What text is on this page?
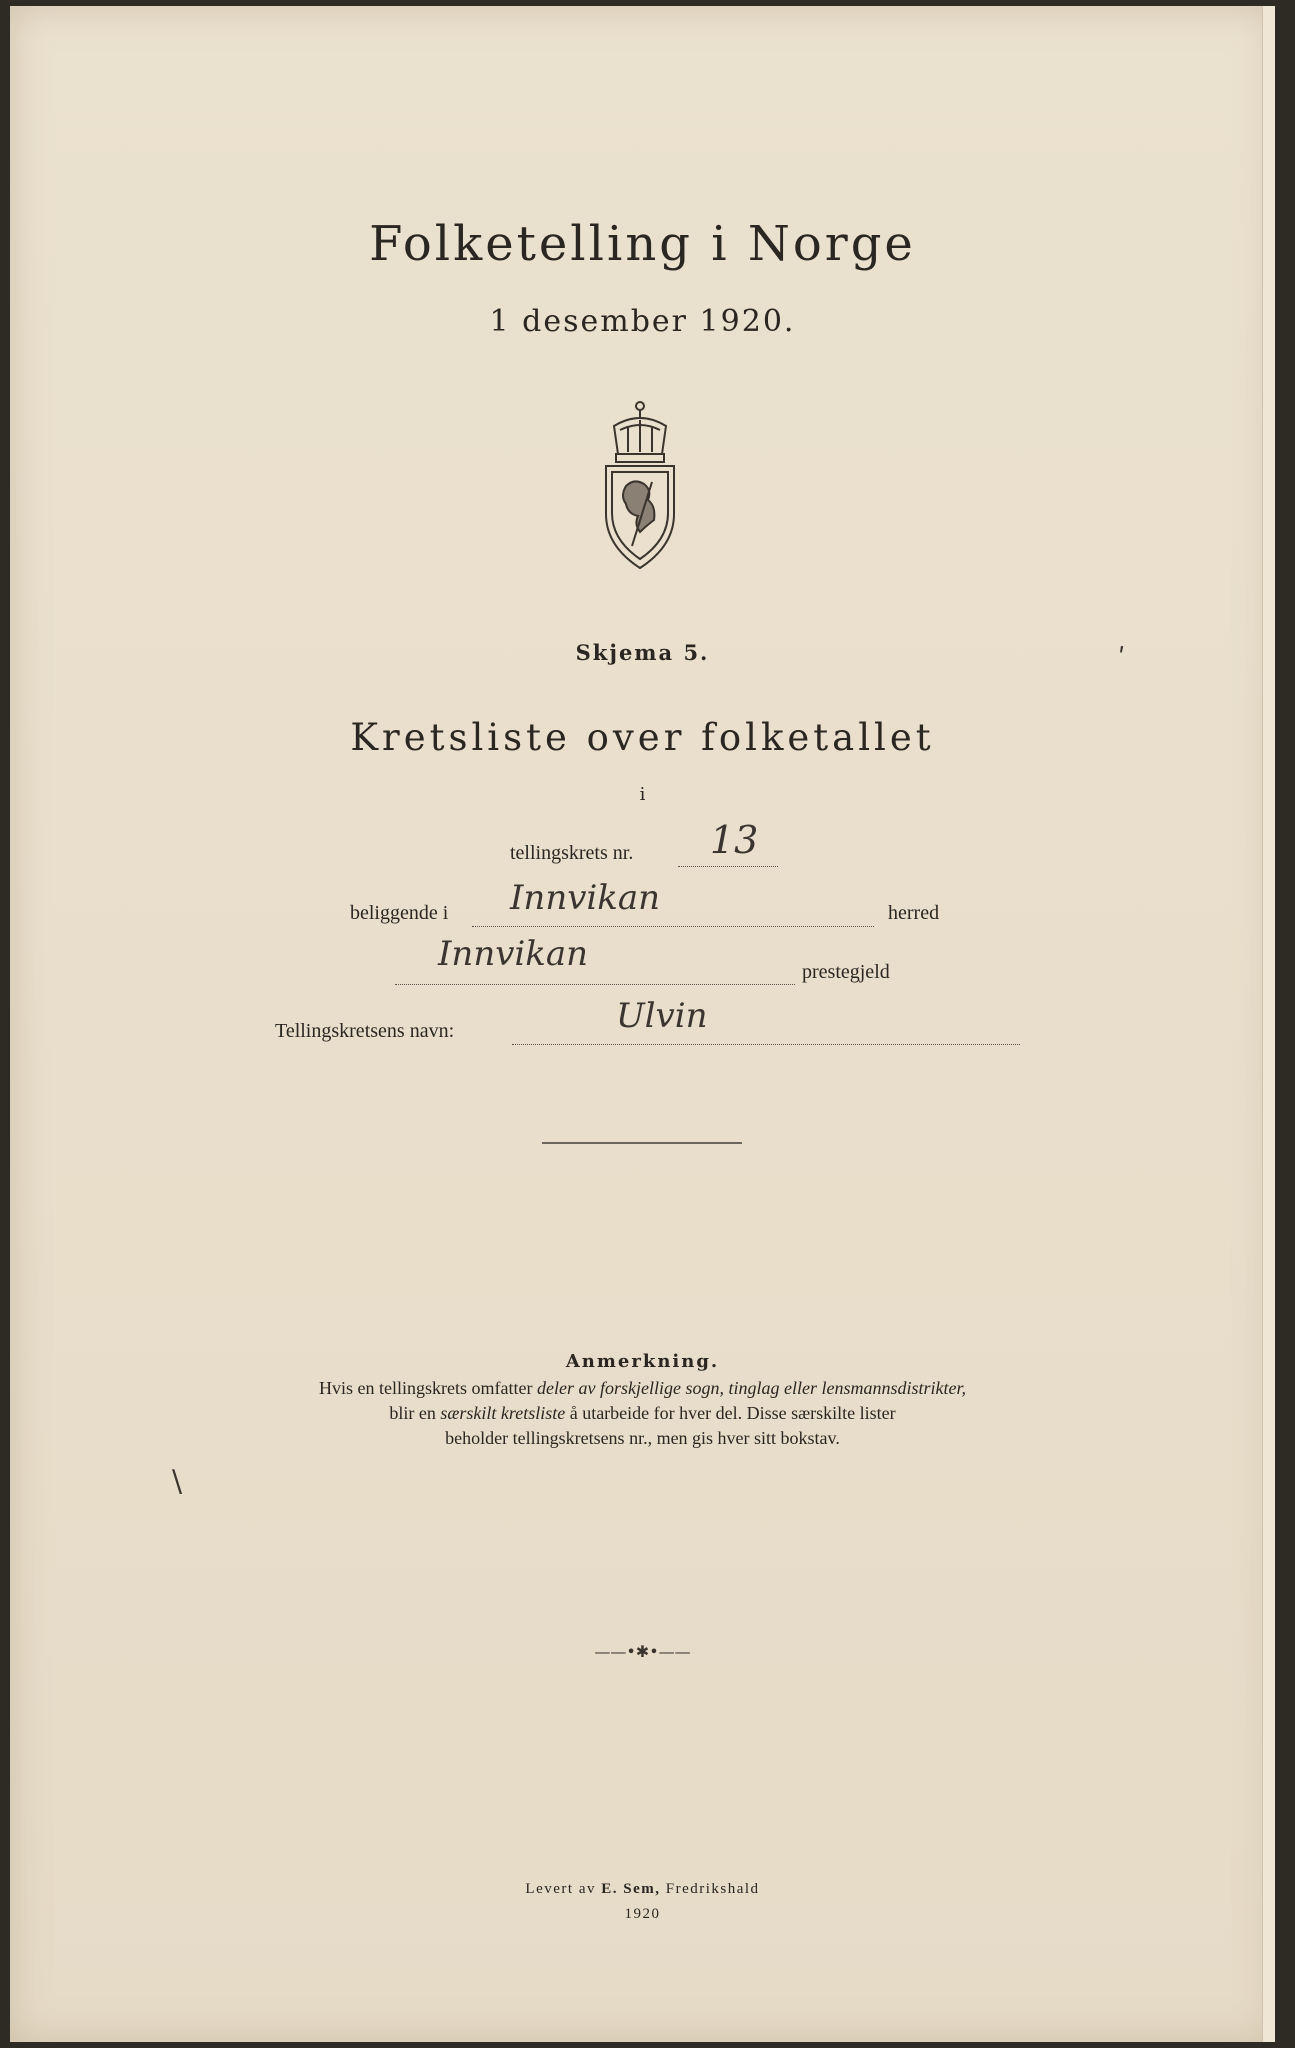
Folketelling i Norge
1 desember 1920.
Skjema 5.
Kretsliste over folketallet
i
tellingskrets nr. 13
beliggende i Innvikan	herred
Innvikan	prestegjeld
Tellingskretsens navn:	Ulvin
Anmerkning.
Hvis en tellingskrets omfatter deler av forskjellige sogn, tinglag eller lensmannsdistrikter,
blir en særskilt kretsliste å utarbeide for hver del. Disse særskilte lister
beholder tellingskretsens nr., men gis hver sitt bokstav.
——•✱•——
Levert av E. Sem, Fredrikshald
1920
ʹ
\
